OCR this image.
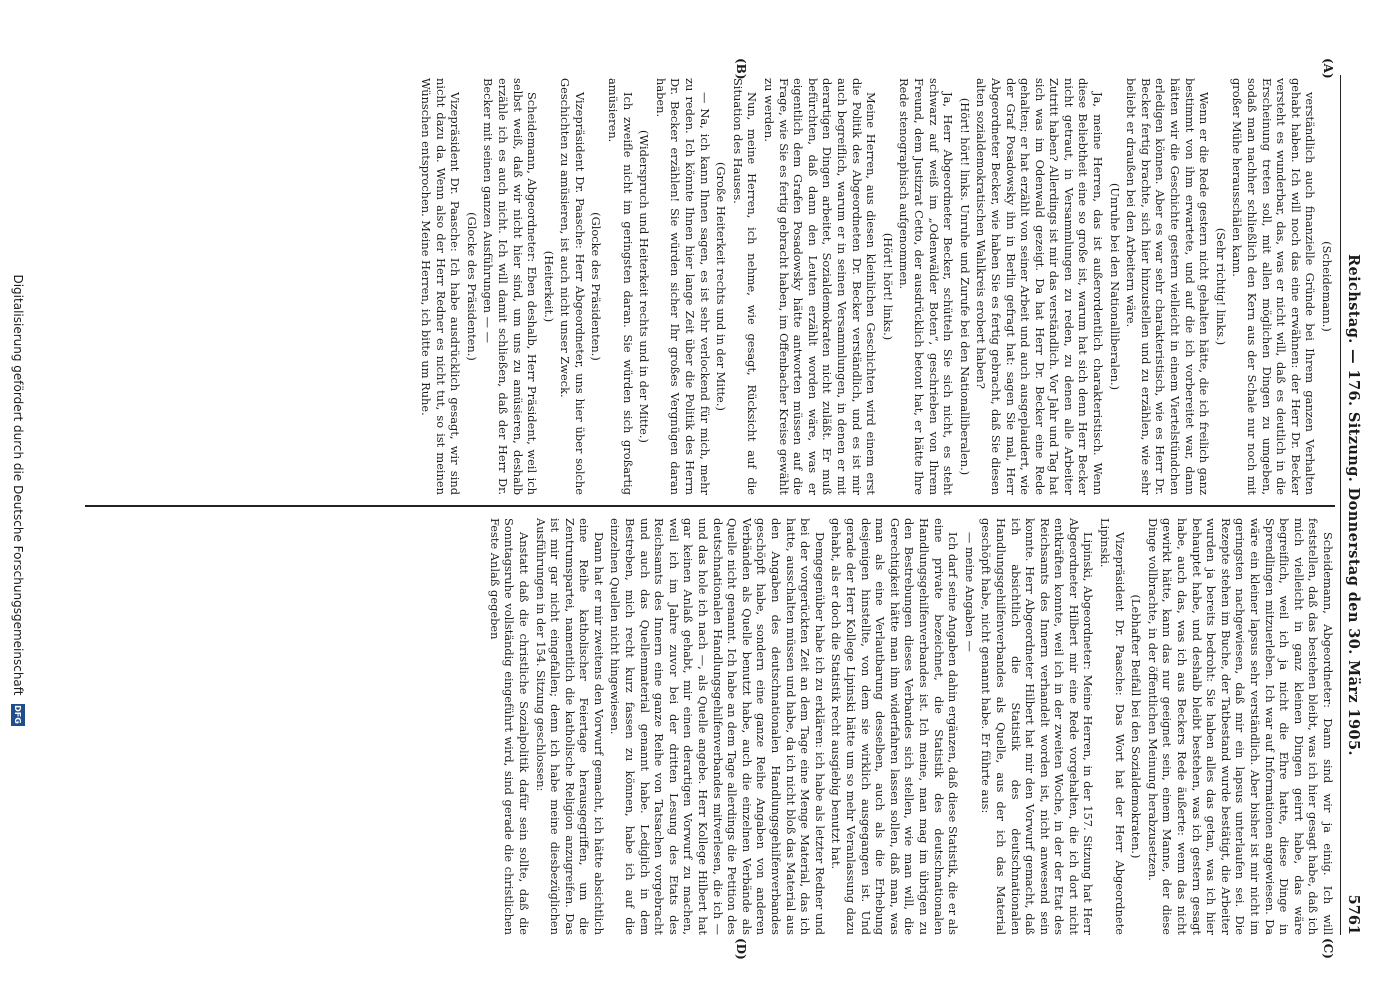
Reichstag. — 176. Sitzung. Donnerstag den 30. März 1905.
5761
(A)
(B)
(C)
(D)

(Scheidemann.)

verständlich auch finanzielle Gründe bei Ihrem ganzen Verhalten gehabt haben. Ich will noch das eine erwähnen: der Herr Dr. Becker versteht es wunderbar, das, was er nicht will, daß es deutlich in die Erscheinung treten soll, mit allen möglichen Dingen zu umgeben, sodaß man nachher schließlich den Kern aus der Schale nur noch mit großer Mühe herausschälen kann.

(Sehr richtig! links.)

Wenn er die Rede gestern nicht gehalten hätte, die ich freilich ganz bestimmt von ihm erwartete, und auf die ich vorbereitet war, dann hätten wir die Geschichte gestern vielleicht in einem Viertelstündchen erledigen können. Aber es war sehr charakteristisch, wie es Herr Dr. Becker fertig brachte, sich hier hinzustellen und zu erzählen, wie sehr beliebt er draußen bei den Arbeitern wäre.

(Unruhe bei den Nationalliberalen.)

Ja, meine Herren, das ist außerordentlich charakteristisch. Wenn diese Beliebtheit eine so große ist, warum hat sich denn Herr Becker nicht getraut, in Versammlungen zu reden, zu denen alle Arbeiter Zutritt haben? Allerdings ist mir das verständlich. Vor Jahr und Tag hat sich was im Odenwald gezeigt. Da hat Herr Dr. Becker eine Rede gehalten; er hat erzählt von seiner Arbeit und auch ausgeplaudert, wie der Graf Posadowsky ihn in Berlin gefragt hat: sagen Sie mal, Herr Abgeordneter Becker, wie haben Sie es fertig gebracht, daß Sie diesen alten sozialdemokratischen Wahlkreis erobert haben?

(Hört! hört! links. Unruhe und Zurufe bei den Nationalliberalen.)

Ja, Herr Abgeordneter Becker, schütteln Sie sich nicht, es steht schwarz auf weiß im „Odenwälder Boten“, geschrieben von Ihrem Freund, dem Justizrat Cetto, der ausdrücklich betont hat, er hätte Ihre Rede stenographisch aufgenommen.

(Hört! hört! links.)

Meine Herren, aus diesen kleinlichen Geschichten wird einem erst die Politik des Abgeordneten Dr. Becker verständlich, und es ist mir auch begreiflich, warum er in seinen Versammlungen, in denen er mit derartigen Dingen arbeitet, Sozialdemokraten nicht zuläßt. Er muß befürchten, daß dann den Leuten erzählt worden wäre, was er eigentlich dem Grafen Posadowsky hätte antworten müssen auf die Frage, wie Sie es fertig gebracht haben, im Offenbacher Kreise gewählt zu werden.

Nun, meine Herren, ich nehme, wie gesagt, Rücksicht auf die Situation des Hauses.

(Große Heiterkeit rechts und in der Mitte.)

— Na, ich kann Ihnen sagen, es ist sehr verlockend für mich, mehr zu reden. Ich könnte Ihnen hier lange Zeit über die Politik des Herrn Dr. Becker erzählen! Sie würden sicher Ihr großes Vergnügen daran haben.

(Widerspruch und Heiterkeit rechts und in der Mitte.)

Ich zweifle nicht im geringsten daran. Sie würden sich großartig amüsieren.

(Glocke des Präsidenten.)

Vizepräsident Dr. Paasche: Herr Abgeordneter, uns hier über solche Geschichten zu amüsieren, ist auch nicht unser Zweck.

(Heiterkeit.)

Scheidemann, Abgeordneter: Eben deshalb, Herr Präsident, weil ich selbst weiß, daß wir nicht hier sind, um uns zu amüsieren, deshalb erzähle ich es auch nicht. Ich will damit schließen, daß der Herr Dr. Becker mit seinen ganzen Ausführungen — —

(Glocke des Präsidenten.)

Vizepräsident Dr. Paasche: Ich habe ausdrücklich gesagt, wir sind nicht dazu da. Wenn also der Herr Redner es nicht tut, so ist meinen Wünschen entsprochen. Meine Herren, ich bitte um Ruhe.

Scheidemann, Abgeordneter: Dann sind wir ja einig. Ich will feststellen, daß das bestehen bleibt, was ich hier gesagt habe, daß ich mich vielleicht in ganz kleinen Dingen geirrt habe, das wäre begreiflich, weil ich ja nicht die Ehre hatte, diese Dinge in Sprendlingen mitzuerleben. Ich war auf Informationen angewiesen. Da wäre ein kleiner lapsus sehr verständlich. Aber bisher ist mir nicht im geringsten nachgewiesen, daß mir ein lapsus unterlaufen sei. Die Rezepte stehen im Buche, der Tatbestand wurde bestätigt, die Arbeiter wurden ja bereits bedroht: Sie haben alles das getan, was ich hier behauptet habe, und deshalb bleibt bestehen, was ich gestern gesagt habe, auch das, was ich aus Beckers Rede äußerte: wenn das nicht gewirkt hätte, kann das nur geeignet sein, einem Manne, der diese Dinge vollbrachte, in der öffentlichen Meinung herabzusetzen.

(Lebhafter Beifall bei den Sozialdemokraten.)

Vizepräsident Dr. Paasche: Das Wort hat der Herr Abgeordnete Lipinski.

Lipinski, Abgeordneter: Meine Herren, in der 157. Sitzung hat Herr Abgeordneter Hilbert mir eine Rede vorgehalten, die ich dort nicht entkräften konnte, weil ich in der zweiten Woche, in der der Etat des Reichsamts des Innern verhandelt worden ist, nicht anwesend sein konnte. Herr Abgeordneter Hilbert hat mir den Vorwurf gemacht, daß ich absichtlich die Statistik des deutschnationalen Handlungsgehilfenverbandes als Quelle, aus der ich das Material geschöpft habe, nicht genannt habe. Er führte aus:

— meine Angaben —

Ich darf seine Angaben dahin ergänzen, daß diese Statistik, die er als eine private bezeichnet, die Statistik des deutschnationalen Handlungsgehilfenverbandes ist. Ich meine, man mag im übrigen zu den Bestrebungen dieses Verbandes sich stellen, wie man will, die Gerechtigkeit hätte man ihm widerfahren lassen sollen, daß man, was man als eine Verlautbarung desselben, auch als die Erhebung desjenigen hinstellte, von dem sie wirklich ausgegangen ist. Und gerade der Herr Kollege Lipinski hätte um so mehr Veranlassung dazu gehabt, als er doch die Statistik recht ausgiebig benutzt hat.

Demgegenüber habe ich zu erklären: ich habe als letzter Redner und bei der vorgerückten Zeit an dem Tage eine Menge Material, das ich hatte, ausschalten müssen und habe, da ich nicht bloß das Material aus den Angaben des deutschnationalen Handlungsgehilfenverbandes geschöpft habe, sondern eine ganze Reihe Angaben von anderen Verbänden als Quelle benutzt habe, auch die einzelnen Verbände als Quelle nicht genannt. Ich habe an dem Tage allerdings die Petition des deutschnationalen Handlungsgehilfenverbandes mitverlesen, die ich — und das hole ich nach —, als Quelle angebe. Herr Kollege Hilbert hat gar keinen Anlaß gehabt, mir einen derartigen Vorwurf zu machen, weil ich im Jahre zuvor bei der dritten Lesung des Etats des Reichsamts des Innern eine ganze Reihe von Tatsachen vorgebracht und auch das Quellenmaterial genannt habe. Lediglich in dem Bestreben, mich recht kurz fassen zu können, habe ich auf die einzelnen Quellen nicht hingewiesen.

Dann hat er mir zweitens den Vorwurf gemacht, ich hätte absichtlich eine Reihe katholischer Feiertage herausgegriffen, um die Zentrumspartei, namentlich die katholische Religion anzugreifen. Das ist mir gar nicht eingefallen; denn ich habe meine diesbezüglichen Ausführungen in der 154. Sitzung geschlossen:

Anstatt daß die christliche Sozialpolitik dafür sein sollte, daß die Sonntagsruhe vollständig eingeführt wird, sind gerade die christlichen Feste Anlaß gegeben

Digitalisierung gefördert durch die Deutsche Forschungsgemeinschaft
DFG
